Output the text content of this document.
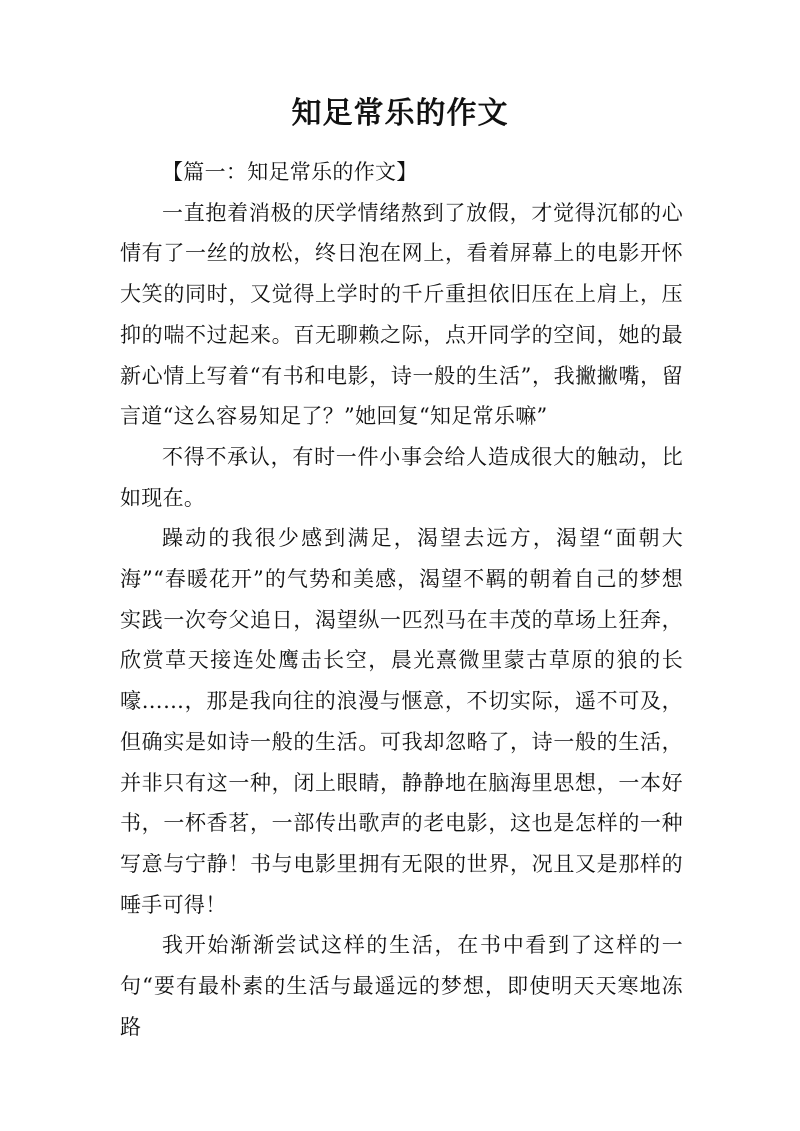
知足常乐的作文

【篇一：知足常乐的作文】

一直抱着消极的厌学情绪熬到了放假，才觉得沉郁的心情有了一丝的放松，终日泡在网上，看着屏幕上的电影开怀大笑的同时，又觉得上学时的千斤重担依旧压在上肩上，压抑的喘不过起来。百无聊赖之际，点开同学的空间，她的最新心情上写着“有书和电影，诗一般的生活”，我撇撇嘴，留言道“这么容易知足了？”她回复“知足常乐嘛”

不得不承认，有时一件小事会给人造成很大的触动，比如现在。

躁动的我很少感到满足，渴望去远方，渴望“面朝大海”“春暖花开”的气势和美感，渴望不羁的朝着自己的梦想实践一次夸父追日，渴望纵一匹烈马在丰茂的草场上狂奔，欣赏草天接连处鹰击长空，晨光熹微里蒙古草原的狼的长嚎……，那是我向往的浪漫与惬意，不切实际，遥不可及，但确实是如诗一般的生活。可我却忽略了，诗一般的生活，并非只有这一种，闭上眼睛，静静地在脑海里思想，一本好书，一杯香茗，一部传出歌声的老电影，这也是怎样的一种写意与宁静！书与电影里拥有无限的世界，况且又是那样的唾手可得！

我开始渐渐尝试这样的生活，在书中看到了这样的一句“要有最朴素的生活与最遥远的梦想，即使明天天寒地冻路
